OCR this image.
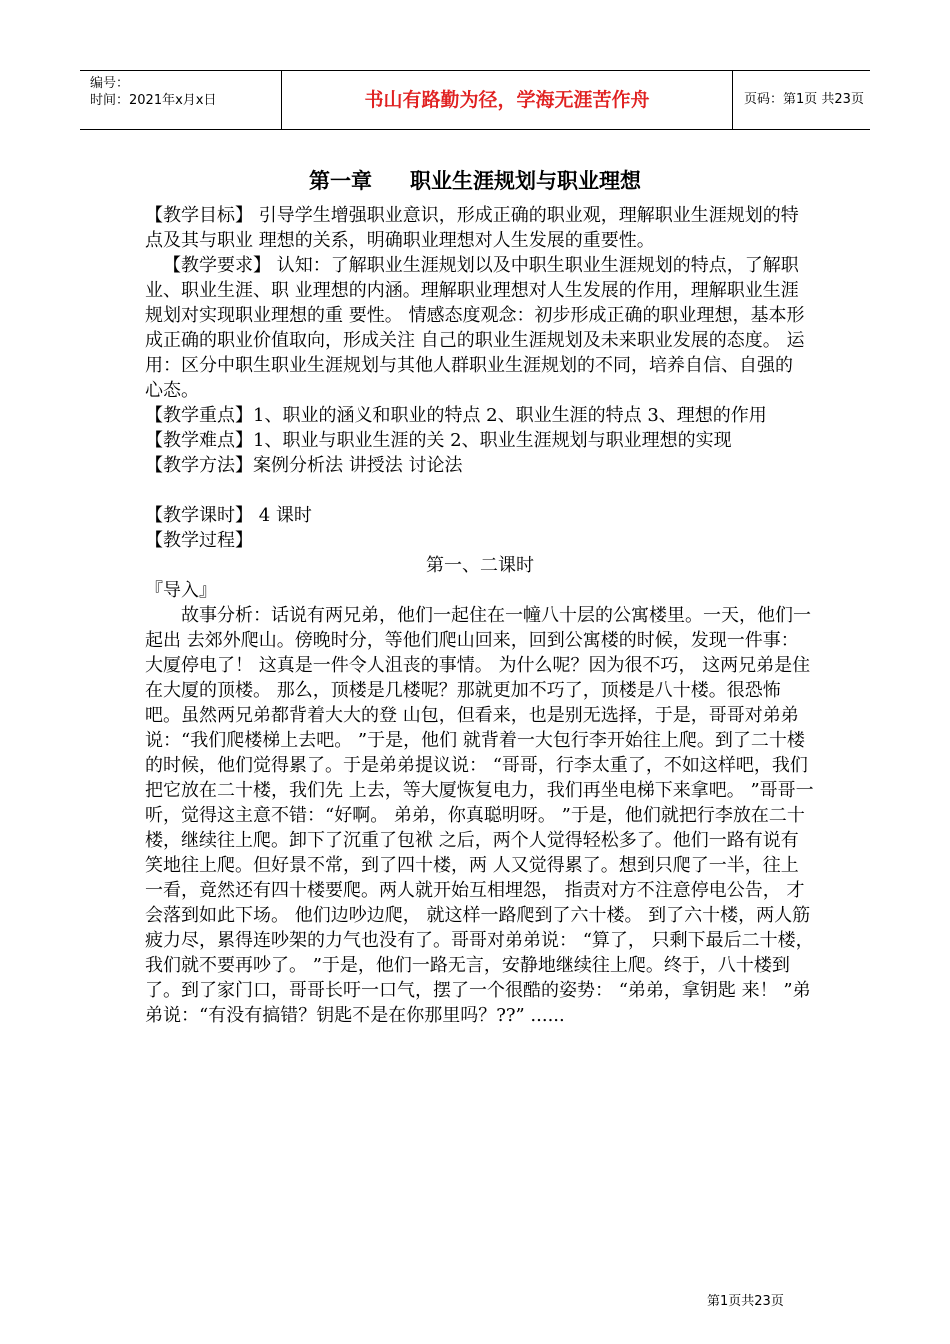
编号：
时间：2021年x月x日	书山有路勤为径，学海无涯苦作舟	页码：第1页 共23页
第一章 职业生涯规划与职业理想

【教学目标】 引导学生增强职业意识，形成正确的职业观，理解职业生涯规划的特点及其与职业 理想的关系，明确职业理想对人生发展的重要性。

【教学要求】 认知：了解职业生涯规划以及中职生职业生涯规划的特点，了解职业、职业生涯、职 业理想的内涵。理解职业理想对人生发展的作用，理解职业生涯规划对实现职业理想的重 要性。 情感态度观念：初步形成正确的职业理想，基本形成正确的职业价值取向，形成关注 自己的职业生涯规划及未来职业发展的态度。 运用：区分中职生职业生涯规划与其他人群职业生涯规划的不同，培养自信、自强的 心态。

【教学重点】1、职业的涵义和职业的特点 2、职业生涯的特点 3、理想的作用

【教学难点】1、职业与职业生涯的关 2、职业生涯规划与职业理想的实现

【教学方法】案例分析法 讲授法 讨论法

【教学课时】 4 课时

【教学过程】

第一、二课时

『导入』

故事分析：话说有两兄弟，他们一起住在一幢八十层的公寓楼里。一天，他们一起出 去郊外爬山。傍晚时分，等他们爬山回来，回到公寓楼的时候，发现一件事：大厦停电了！ 这真是一件令人沮丧的事情。 为什么呢？因为很不巧， 这两兄弟是住在大厦的顶楼。 那么，顶楼是几楼呢？那就更加不巧了，顶楼是八十楼。很恐怖吧。虽然两兄弟都背着大大的登 山包，但看来，也是别无选择，于是，哥哥对弟弟说：“我们爬楼梯上去吧。 ”于是，他们 就背着一大包行李开始往上爬。到了二十楼的时候，他们觉得累了。于是弟弟提议说： “哥哥，行李太重了，不如这样吧，我们把它放在二十楼，我们先 上去，等大厦恢复电力，我们再坐电梯下来拿吧。 ”哥哥一听，觉得这主意不错：“好啊。 弟弟，你真聪明呀。 ”于是，他们就把行李放在二十楼，继续往上爬。卸下了沉重了包袱 之后，两个人觉得轻松多了。他们一路有说有笑地往上爬。但好景不常，到了四十楼，两 人又觉得累了。想到只爬了一半，往上一看，竟然还有四十楼要爬。两人就开始互相埋怨， 指责对方不注意停电公告， 才会落到如此下场。 他们边吵边爬， 就这样一路爬到了六十楼。 到了六十楼，两人筋疲力尽，累得连吵架的力气也没有了。哥哥对弟弟说： “算了， 只剩下最后二十楼，我们就不要再吵了。 ”于是，他们一路无言，安静地继续往上爬。终于，八十楼到了。到了家门口，哥哥长吁一口气，摆了一个很酷的姿势： “弟弟，拿钥匙 来！ ”弟弟说：“有没有搞错？钥匙不是在你那里吗？??” ......

第1页共23页
